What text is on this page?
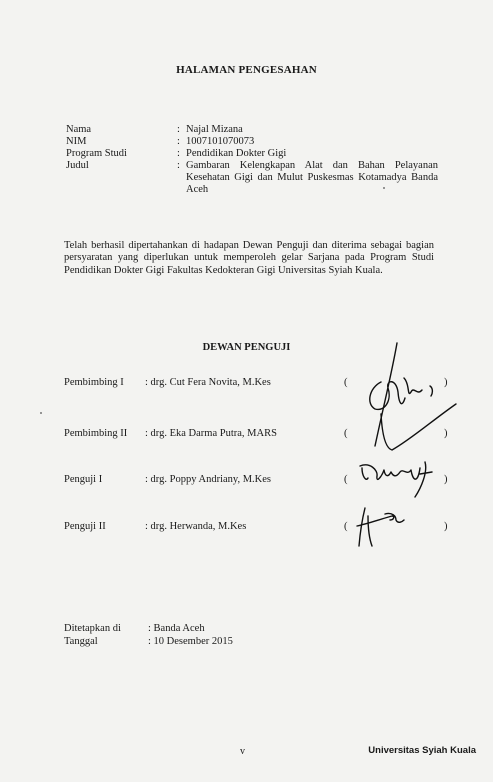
HALAMAN PENGESAHAN
Nama	: Najal Mizana
NIM	: 1007101070073
Program Studi	: Pendidikan Dokter Gigi
Judul	: Gambaran Kelengkapan Alat dan Bahan Pelayanan Kesehatan Gigi dan Mulut Puskesmas Kotamadya Banda Aceh
Telah berhasil dipertahankan di hadapan Dewan Penguji dan diterima sebagai bagian persyaratan yang diperlukan untuk memperoleh gelar Sarjana pada Program Studi Pendidikan Dokter Gigi Fakultas Kedokteran Gigi Universitas Syiah Kuala.
DEWAN PENGUJI
Pembimbing I : drg. Cut Fera Novita, M.Kes	(	)
Pembimbing II : drg. Eka Darma Putra, MARS	(	)
Penguji I	: drg. Poppy Andriany, M.Kes	(	)
Penguji II	: drg. Herwanda, M.Kes	(	)
Ditetapkan di	: Banda Aceh
Tanggal	: 10 Desember 2015
v	Universitas Syiah Kuala
